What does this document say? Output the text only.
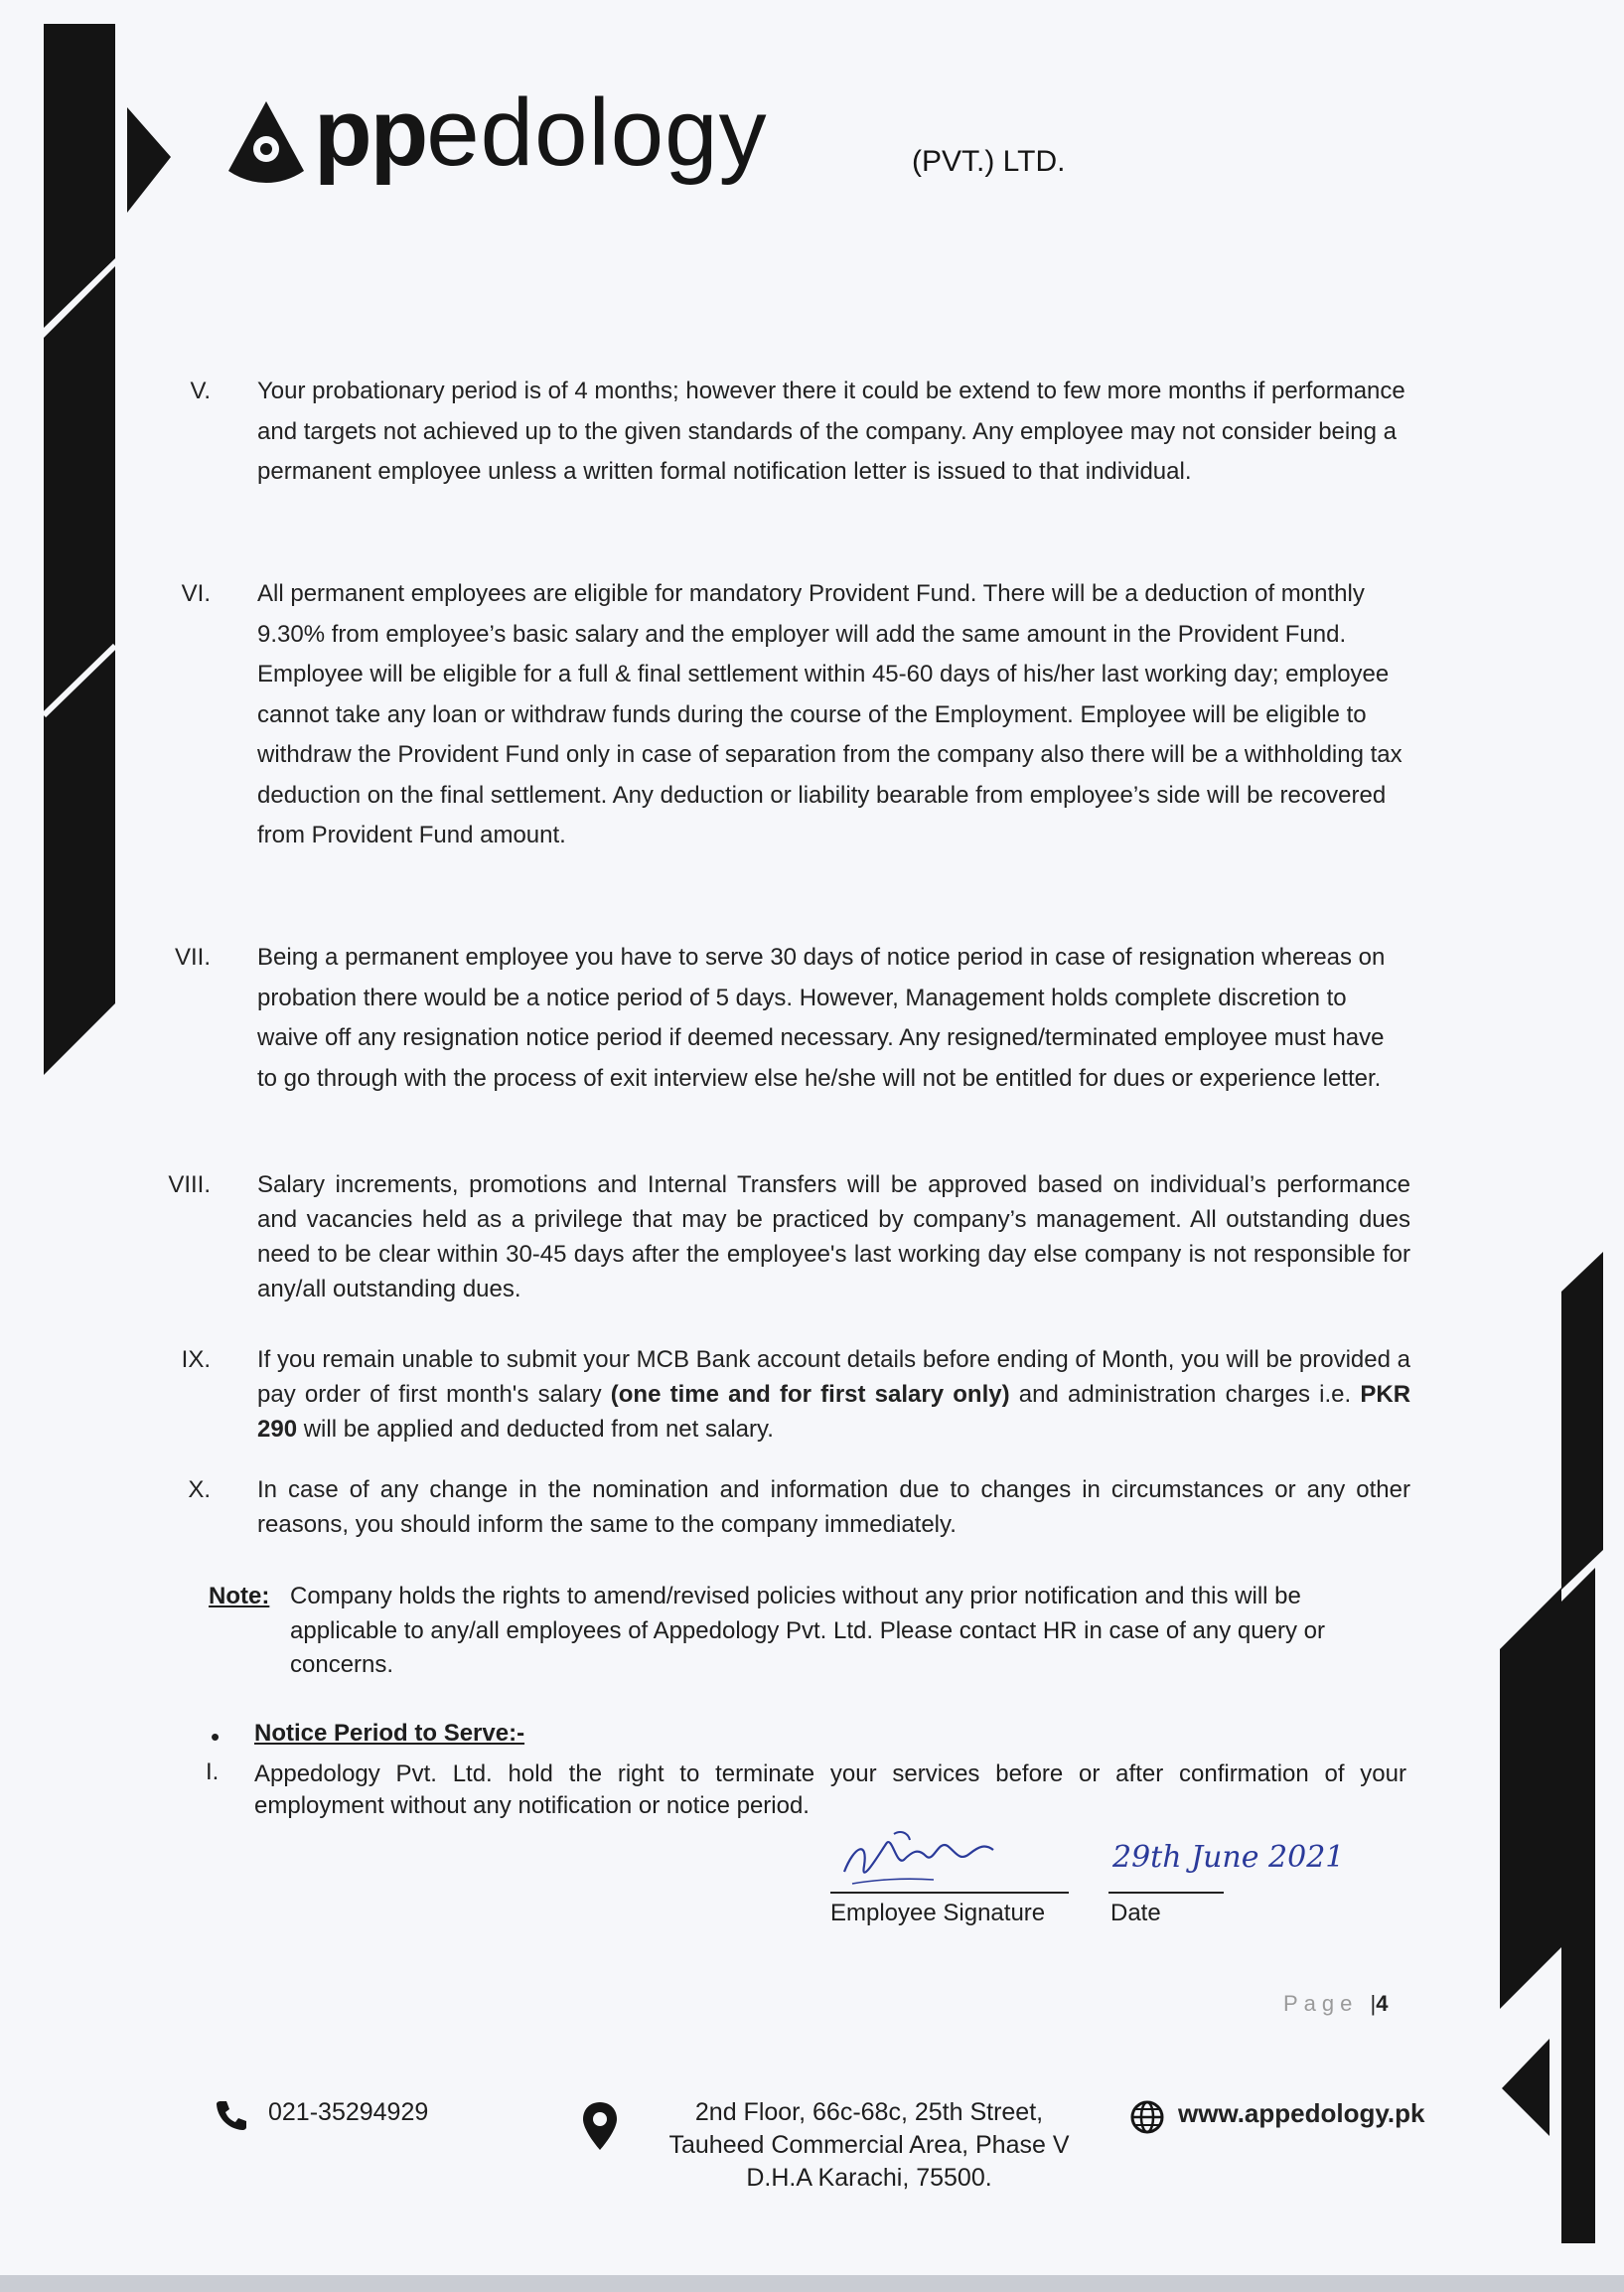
ppedology	(PVT.) LTD.
V. Your probationary period is of 4 months; however there it could be extend to few more months if performance and targets not achieved up to the given standards of the company. Any employee may not consider being a permanent employee unless a written formal notification letter is issued to that individual.
VI. All permanent employees are eligible for mandatory Provident Fund. There will be a deduction of monthly 9.30% from employee’s basic salary and the employer will add the same amount in the Provident Fund. Employee will be eligible for a full & final settlement within 45-60 days of his/her last working day; employee cannot take any loan or withdraw funds during the course of the Employment. Employee will be eligible to withdraw the Provident Fund only in case of separation from the company also there will be a withholding tax deduction on the final settlement. Any deduction or liability bearable from employee’s side will be recovered from Provident Fund amount.
VII. Being a permanent employee you have to serve 30 days of notice period in case of resignation whereas on probation there would be a notice period of 5 days. However, Management holds complete discretion to waive off any resignation notice period if deemed necessary. Any resigned/terminated employee must have to go through with the process of exit interview else he/she will not be entitled for dues or experience letter.
VIII. Salary increments, promotions and Internal Transfers will be approved based on individual’s performance and vacancies held as a privilege that may be practiced by company’s management. All outstanding dues need to be clear within 30-45 days after the employee's last working day else company is not responsible for any/all outstanding dues.
IX. If you remain unable to submit your MCB Bank account details before ending of Month, you will be provided a pay order of first month's salary (one time and for first salary only) and administration charges i.e. PKR 290 will be applied and deducted from net salary.
X. In case of any change in the nomination and information due to changes in circumstances or any other reasons, you should inform the same to the company immediately.
Note: Company holds the rights to amend/revised policies without any prior notification and this will be applicable to any/all employees of Appedology Pvt. Ltd. Please contact HR in case of any query or concerns.
• Notice Period to Serve:-
I. Appedology Pvt. Ltd. hold the right to terminate your services before or after confirmation of your employment without any notification or notice period.
29th June 2021
Employee Signature	Date
Page |4
021-35294929	2nd Floor, 66c-68c, 25th Street,
Tauheed Commercial Area, Phase V
D.H.A Karachi, 75500.
www.appedology.pk
